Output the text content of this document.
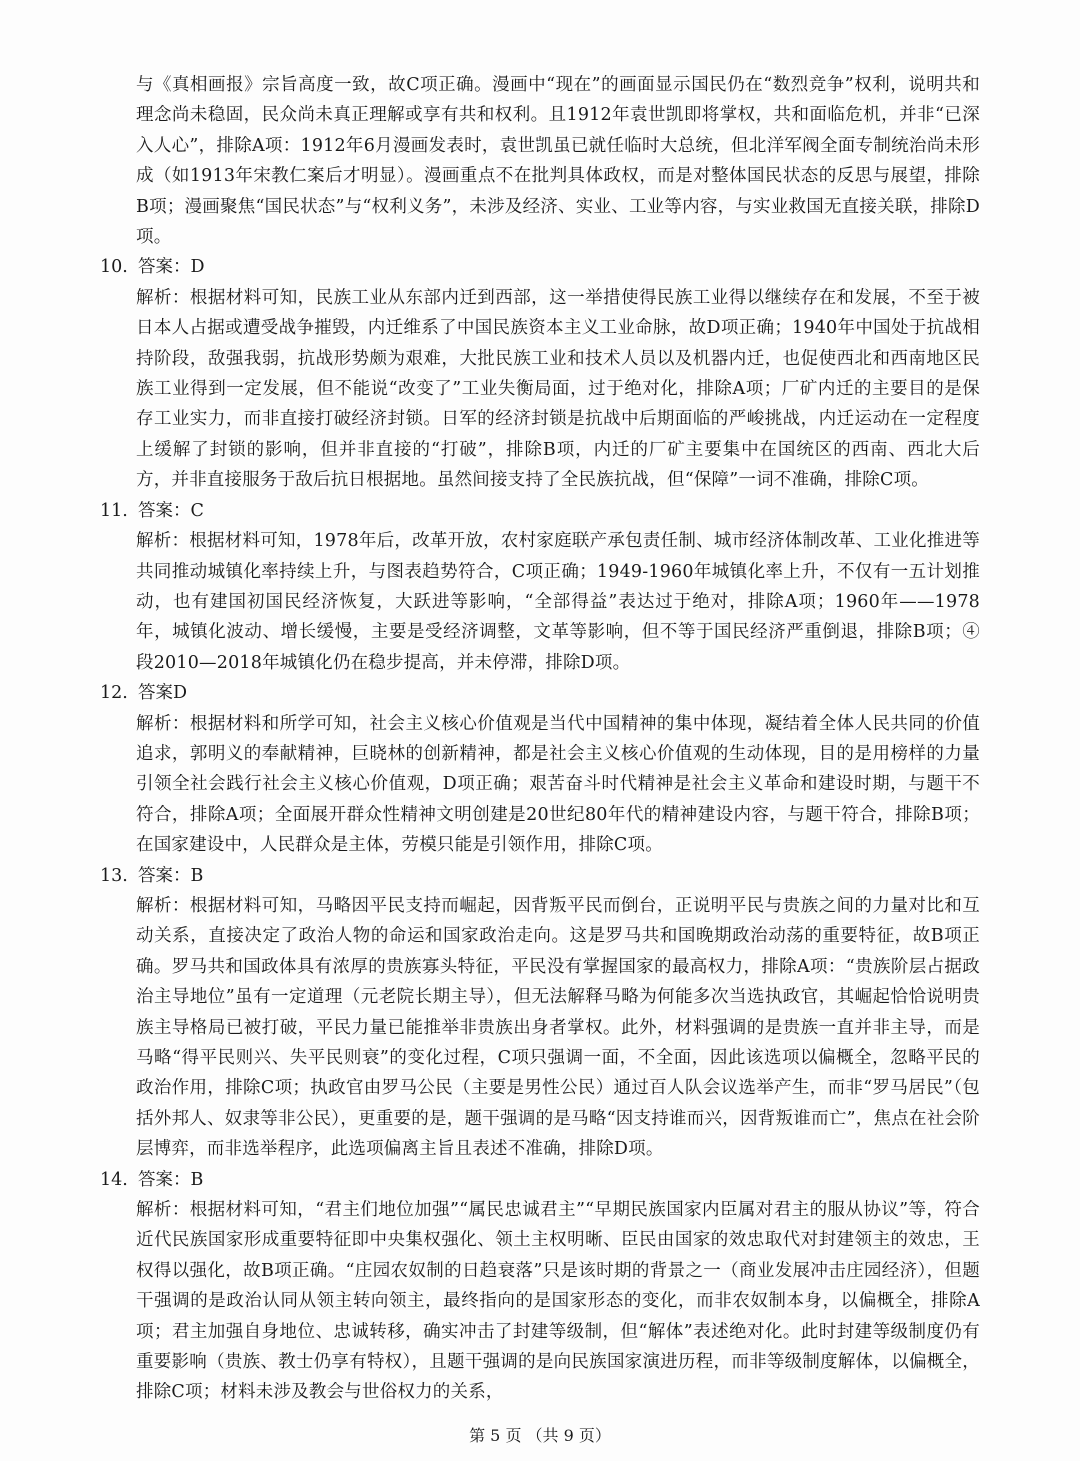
与《真相画报》宗旨高度一致，故C项正确。漫画中“现在”的画面显示国民仍在“数烈竞争”权利，说明共和理念尚未稳固，民众尚未真正理解或享有共和权利。且1912年袁世凯即将掌权，共和面临危机，并非“已深入人心”，排除A项：1912年6月漫画发表时，袁世凯虽已就任临时大总统，但北洋军阀全面专制统治尚未形成（如1913年宋教仁案后才明显）。漫画重点不在批判具体政权，而是对整体国民状态的反思与展望，排除B项；漫画聚焦“国民状态”与“权利义务”，未涉及经济、实业、工业等内容，与实业救国无直接关联，排除D项。

10. 答案：D

解析：根据材料可知，民族工业从东部内迁到西部，这一举措使得民族工业得以继续存在和发展，不至于被日本人占据或遭受战争摧毁，内迁维系了中国民族资本主义工业命脉，故D项正确；1940年中国处于抗战相持阶段，敌强我弱，抗战形势颇为艰难，大批民族工业和技术人员以及机器内迁，也促使西北和西南地区民族工业得到一定发展，但不能说“改变了”工业失衡局面，过于绝对化，排除A项；厂矿内迁的主要目的是保存工业实力，而非直接打破经济封锁。日军的经济封锁是抗战中后期面临的严峻挑战，内迁运动在一定程度上缓解了封锁的影响，但并非直接的“打破”，排除B项，内迁的厂矿主要集中在国统区的西南、西北大后方，并非直接服务于敌后抗日根据地。虽然间接支持了全民族抗战，但“保障”一词不准确，排除C项。

11. 答案：C

解析：根据材料可知，1978年后，改革开放，农村家庭联产承包责任制、城市经济体制改革、工业化推进等共同推动城镇化率持续上升，与图表趋势符合，C项正确；1949-1960年城镇化率上升，不仅有一五计划推动，也有建国初国民经济恢复，大跃进等影响，“全部得益”表达过于绝对，排除A项；1960年——1978年，城镇化波动、增长缓慢，主要是受经济调整，文革等影响，但不等于国民经济严重倒退，排除B项；④段2010—2018年城镇化仍在稳步提高，并未停滞，排除D项。

12. 答案D

解析：根据材料和所学可知，社会主义核心价值观是当代中国精神的集中体现，凝结着全体人民共同的价值追求，郭明义的奉献精神，巨晓林的创新精神，都是社会主义核心价值观的生动体现，目的是用榜样的力量引领全社会践行社会主义核心价值观，D项正确；艰苦奋斗时代精神是社会主义革命和建设时期，与题干不符合，排除A项；全面展开群众性精神文明创建是20世纪80年代的精神建设内容，与题干符合，排除B项；在国家建设中，人民群众是主体，劳模只能是引领作用，排除C项。

13. 答案：B

解析：根据材料可知，马略因平民支持而崛起，因背叛平民而倒台，正说明平民与贵族之间的力量对比和互动关系，直接决定了政治人物的命运和国家政治走向。这是罗马共和国晚期政治动荡的重要特征，故B项正确。罗马共和国政体具有浓厚的贵族寡头特征，平民没有掌握国家的最高权力，排除A项：“贵族阶层占据政治主导地位”虽有一定道理（元老院长期主导），但无法解释马略为何能多次当选执政官，其崛起恰恰说明贵族主导格局已被打破，平民力量已能推举非贵族出身者掌权。此外，材料强调的是贵族一直并非主导，而是马略“得平民则兴、失平民则衰”的变化过程，C项只强调一面，不全面，因此该选项以偏概全，忽略平民的政治作用，排除C项；执政官由罗马公民（主要是男性公民）通过百人队会议选举产生，而非“罗马居民”（包括外邦人、奴隶等非公民），更重要的是，题干强调的是马略“因支持谁而兴，因背叛谁而亡”，焦点在社会阶层博弈，而非选举程序，此选项偏离主旨且表述不准确，排除D项。

14. 答案：B

解析：根据材料可知，“君主们地位加强”“属民忠诚君主”“早期民族国家内臣属对君主的服从协议”等，符合近代民族国家形成重要特征即中央集权强化、领土主权明晰、臣民由国家的效忠取代对封建领主的效忠，王权得以强化，故B项正确。“庄园农奴制的日趋衰落”只是该时期的背景之一（商业发展冲击庄园经济），但题干强调的是政治认同从领主转向领主，最终指向的是国家形态的变化，而非农奴制本身，以偏概全，排除A项；君主加强自身地位、忠诚转移，确实冲击了封建等级制，但“解体”表述绝对化。此时封建等级制度仍有重要影响（贵族、教士仍享有特权），且题干强调的是向民族国家演进历程，而非等级制度解体，以偏概全，排除C项；材料未涉及教会与世俗权力的关系，

第 5 页 （共 9 页）
